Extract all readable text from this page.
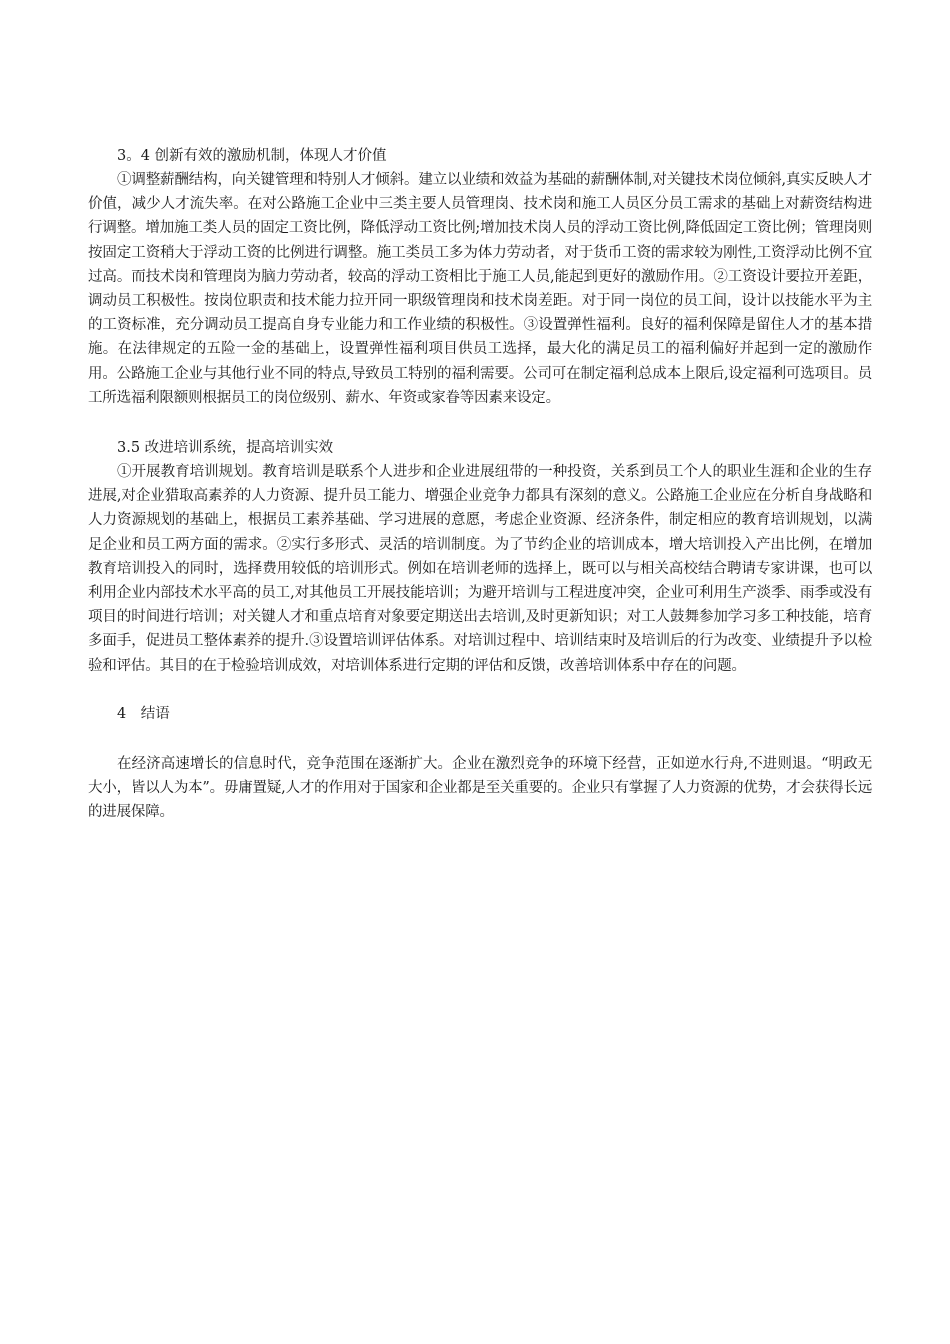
3。4 创新有效的激励机制，体现人才价值

①调整薪酬结构，向关键管理和特别人才倾斜。建立以业绩和效益为基础的薪酬体制,对关键技术岗位倾斜,真实反映人才价值，减少人才流失率。在对公路施工企业中三类主要人员管理岗、技术岗和施工人员区分员工需求的基础上对薪资结构进行调整。增加施工类人员的固定工资比例，降低浮动工资比例;增加技术岗人员的浮动工资比例,降低固定工资比例；管理岗则按固定工资稍大于浮动工资的比例进行调整。施工类员工多为体力劳动者，对于货币工资的需求较为刚性,工资浮动比例不宜过高。而技术岗和管理岗为脑力劳动者，较高的浮动工资相比于施工人员,能起到更好的激励作用。②工资设计要拉开差距，调动员工积极性。按岗位职责和技术能力拉开同一职级管理岗和技术岗差距。对于同一岗位的员工间，设计以技能水平为主的工资标准，充分调动员工提高自身专业能力和工作业绩的积极性。③设置弹性福利。良好的福利保障是留住人才的基本措施。在法律规定的五险一金的基础上，设置弹性福利项目供员工选择，最大化的满足员工的福利偏好并起到一定的激励作用。公路施工企业与其他行业不同的特点,导致员工特别的福利需要。公司可在制定福利总成本上限后,设定福利可选项目。员工所选福利限额则根据员工的岗位级别、薪水、年资或家眷等因素来设定。

3.5 改进培训系统，提高培训实效

①开展教育培训规划。教育培训是联系个人进步和企业进展纽带的一种投资，关系到员工个人的职业生涯和企业的生存进展,对企业猎取高素养的人力资源、提升员工能力、增强企业竞争力都具有深刻的意义。公路施工企业应在分析自身战略和人力资源规划的基础上，根据员工素养基础、学习进展的意愿，考虑企业资源、经济条件，制定相应的教育培训规划，以满足企业和员工两方面的需求。②实行多形式、灵活的培训制度。为了节约企业的培训成本，增大培训投入产出比例，在增加教育培训投入的同时，选择费用较低的培训形式。例如在培训老师的选择上，既可以与相关高校结合聘请专家讲课，也可以利用企业内部技术水平高的员工,对其他员工开展技能培训；为避开培训与工程进度冲突，企业可利用生产淡季、雨季或没有项目的时间进行培训；对关键人才和重点培育对象要定期送出去培训,及时更新知识；对工人鼓舞参加学习多工种技能，培育多面手，促进员工整体素养的提升.③设置培训评估体系。对培训过程中、培训结束时及培训后的行为改变、业绩提升予以检验和评估。其目的在于检验培训成效，对培训体系进行定期的评估和反馈，改善培训体系中存在的问题。

4　结语

在经济高速增长的信息时代，竞争范围在逐渐扩大。企业在激烈竞争的环境下经营，正如逆水行舟,不进则退。“明政无大小，皆以人为本”。毋庸置疑,人才的作用对于国家和企业都是至关重要的。企业只有掌握了人力资源的优势，才会获得长远的进展保障。
